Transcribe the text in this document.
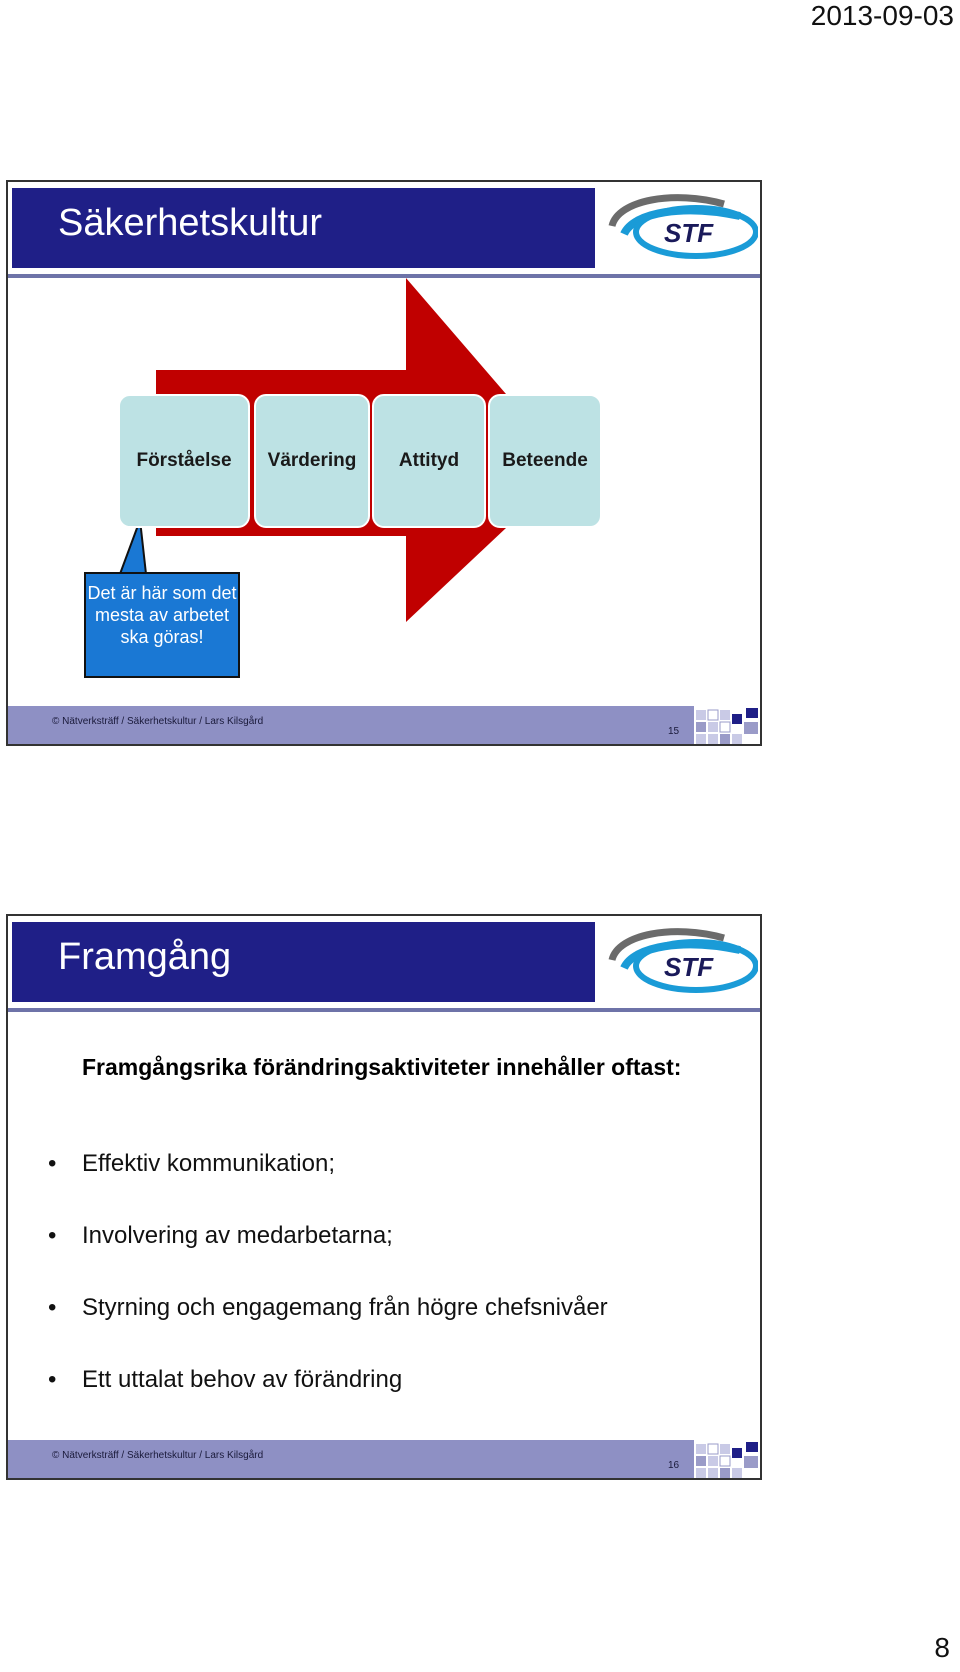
2013-09-03
Säkerhetskultur	STF
Förståelse	Värdering	Attityd	Beteende
Det är här som det mesta av arbetet ska göras!
© Nätverksträff / Säkerhetskultur / Lars Kilsgård
15
Framgång	STF
Framgångsrika förändringsaktiviteter innehåller oftast:
• Effektiv kommunikation;
• Involvering av medarbetarna;
• Styrning och engagemang från högre chefsnivåer
• Ett uttalat behov av förändring
© Nätverksträff / Säkerhetskultur / Lars Kilsgård
16
8
